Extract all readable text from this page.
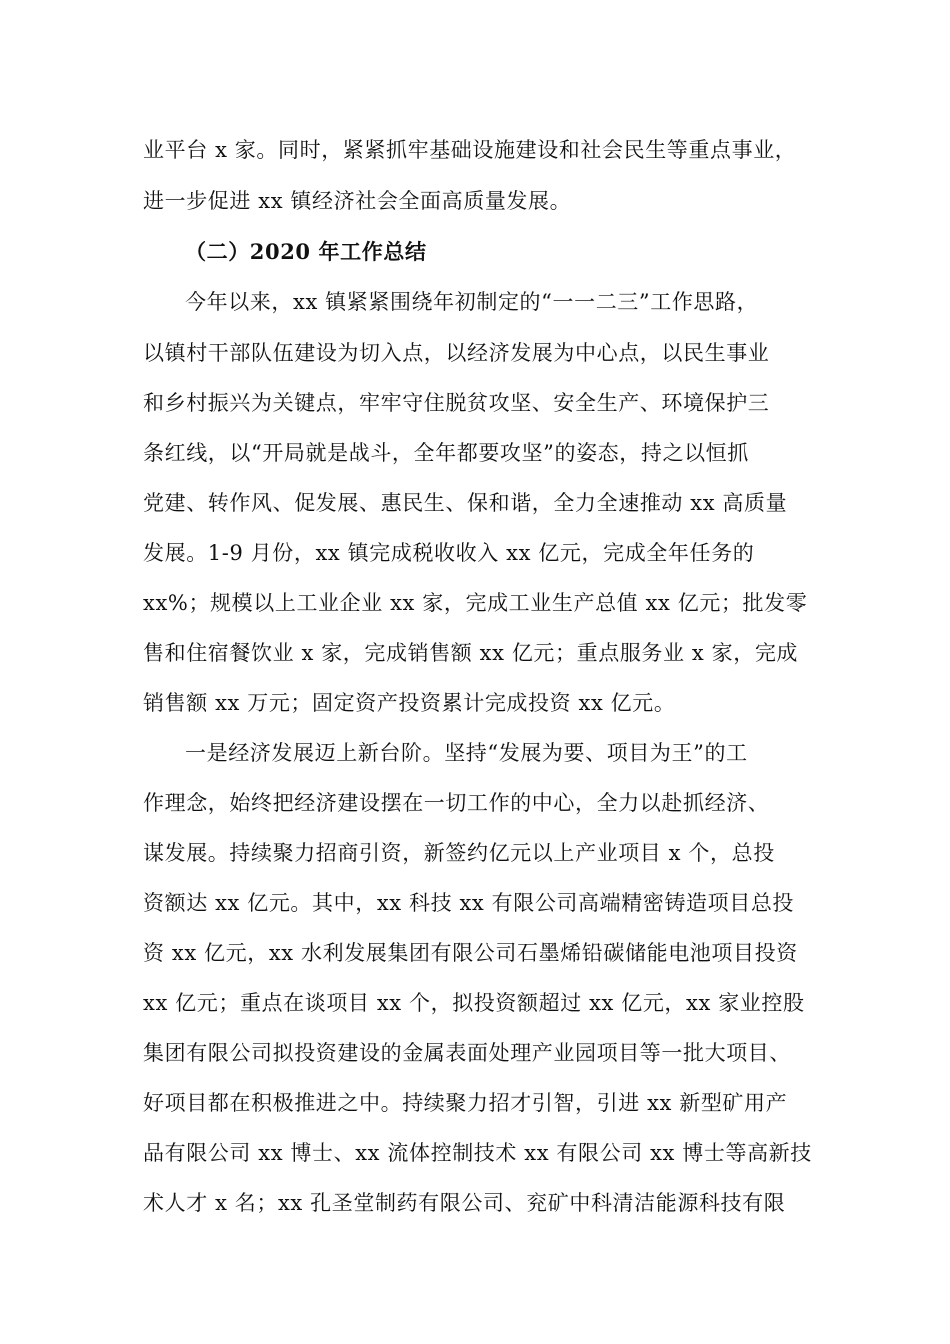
业平台 x 家。同时，紧紧抓牢基础设施建设和社会民生等重点事业，
进一步促进 xx 镇经济社会全面高质量发展。
（二）2020 年工作总结
今年以来，xx 镇紧紧围绕年初制定的“一一二三”工作思路，
以镇村干部队伍建设为切入点，以经济发展为中心点，以民生事业
和乡村振兴为关键点，牢牢守住脱贫攻坚、安全生产、环境保护三
条红线，以“开局就是战斗，全年都要攻坚”的姿态，持之以恒抓
党建、转作风、促发展、惠民生、保和谐，全力全速推动 xx 高质量
发展。1-9 月份，xx 镇完成税收收入 xx 亿元，完成全年任务的
xx%；规模以上工业企业 xx 家，完成工业生产总值 xx 亿元；批发零
售和住宿餐饮业 x 家，完成销售额 xx 亿元；重点服务业 x 家，完成
销售额 xx 万元；固定资产投资累计完成投资 xx 亿元。
一是经济发展迈上新台阶。坚持“发展为要、项目为王”的工
作理念，始终把经济建设摆在一切工作的中心，全力以赴抓经济、
谋发展。持续聚力招商引资，新签约亿元以上产业项目 x 个，总投
资额达 xx 亿元。其中，xx 科技 xx 有限公司高端精密铸造项目总投
资 xx 亿元，xx 水利发展集团有限公司石墨烯铅碳储能电池项目投资
xx 亿元；重点在谈项目 xx 个，拟投资额超过 xx 亿元，xx 家业控股
集团有限公司拟投资建设的金属表面处理产业园项目等一批大项目、
好项目都在积极推进之中。持续聚力招才引智，引进 xx 新型矿用产
品有限公司 xx 博士、xx 流体控制技术 xx 有限公司 xx 博士等高新技
术人才 x 名；xx 孔圣堂制药有限公司、兖矿中科清洁能源科技有限
